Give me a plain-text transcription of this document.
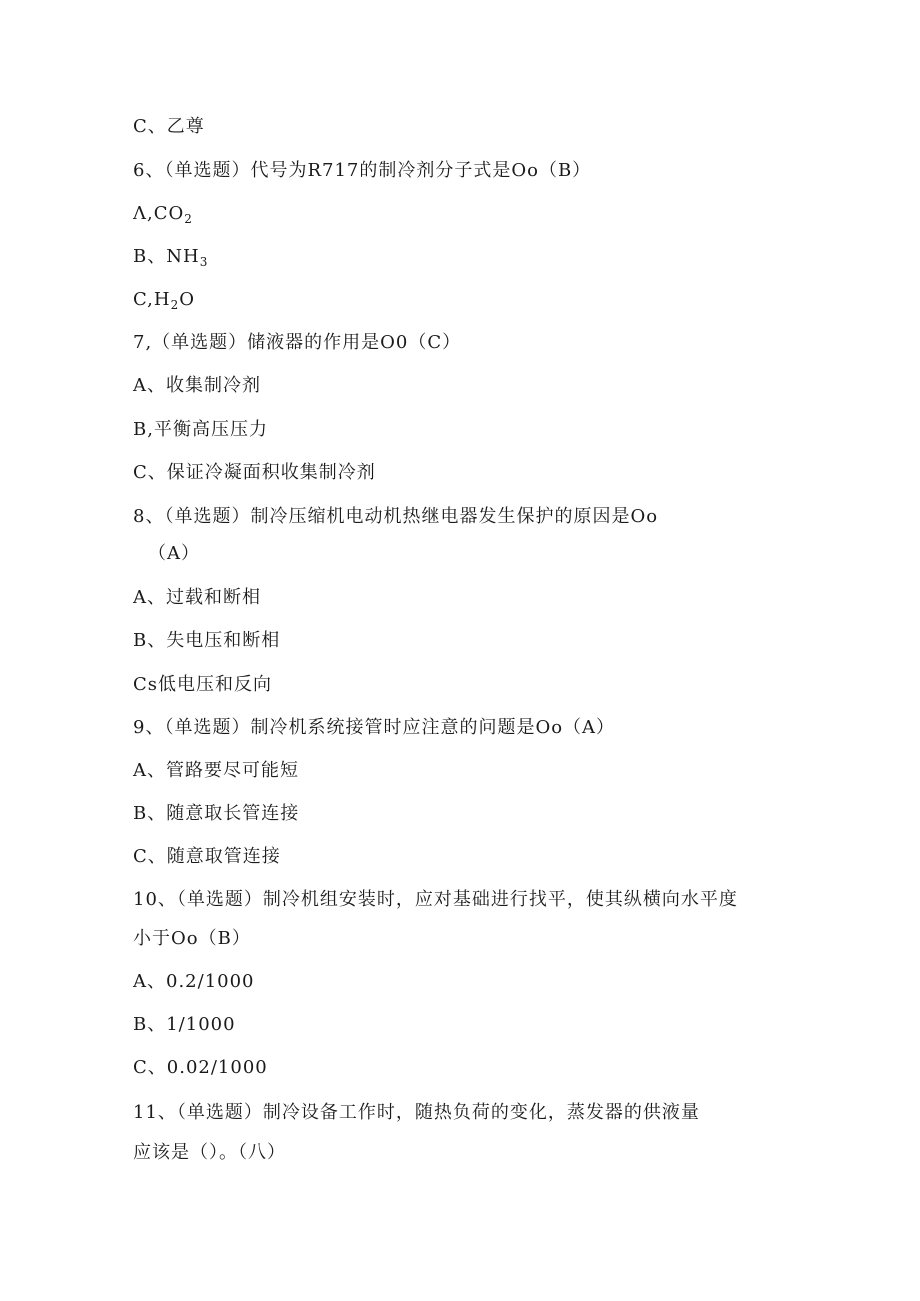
C、乙尊
6、（单选题）代号为R717的制冷剂分子式是Oo（B）
$\Lambda,CO_2$
B、$NH_3$
$C,H_2O$
7,（单选题）储液器的作用是O0（C）
A、收集制冷剂
B,平衡高压压力
C、保证冷凝面积收集制冷剂
8、（单选题）制冷压缩机电动机热继电器发生保护的原因是Oo
（A）
A、过载和断相
B、失电压和断相
Cs低电压和反向
9、（单选题）制冷机系统接管时应注意的问题是Oo（A）
A、管路要尽可能短
B、随意取长管连接
C、随意取管连接
10、（单选题）制冷机组安装时，应对基础进行找平，使其纵横向水平度
小于Oo（B）
A、0.2/1000
B、1/1000
C、0.02/1000
11、（单选题）制冷设备工作时，随热负荷的变化，蒸发器的供液量
应该是（）。（八）
